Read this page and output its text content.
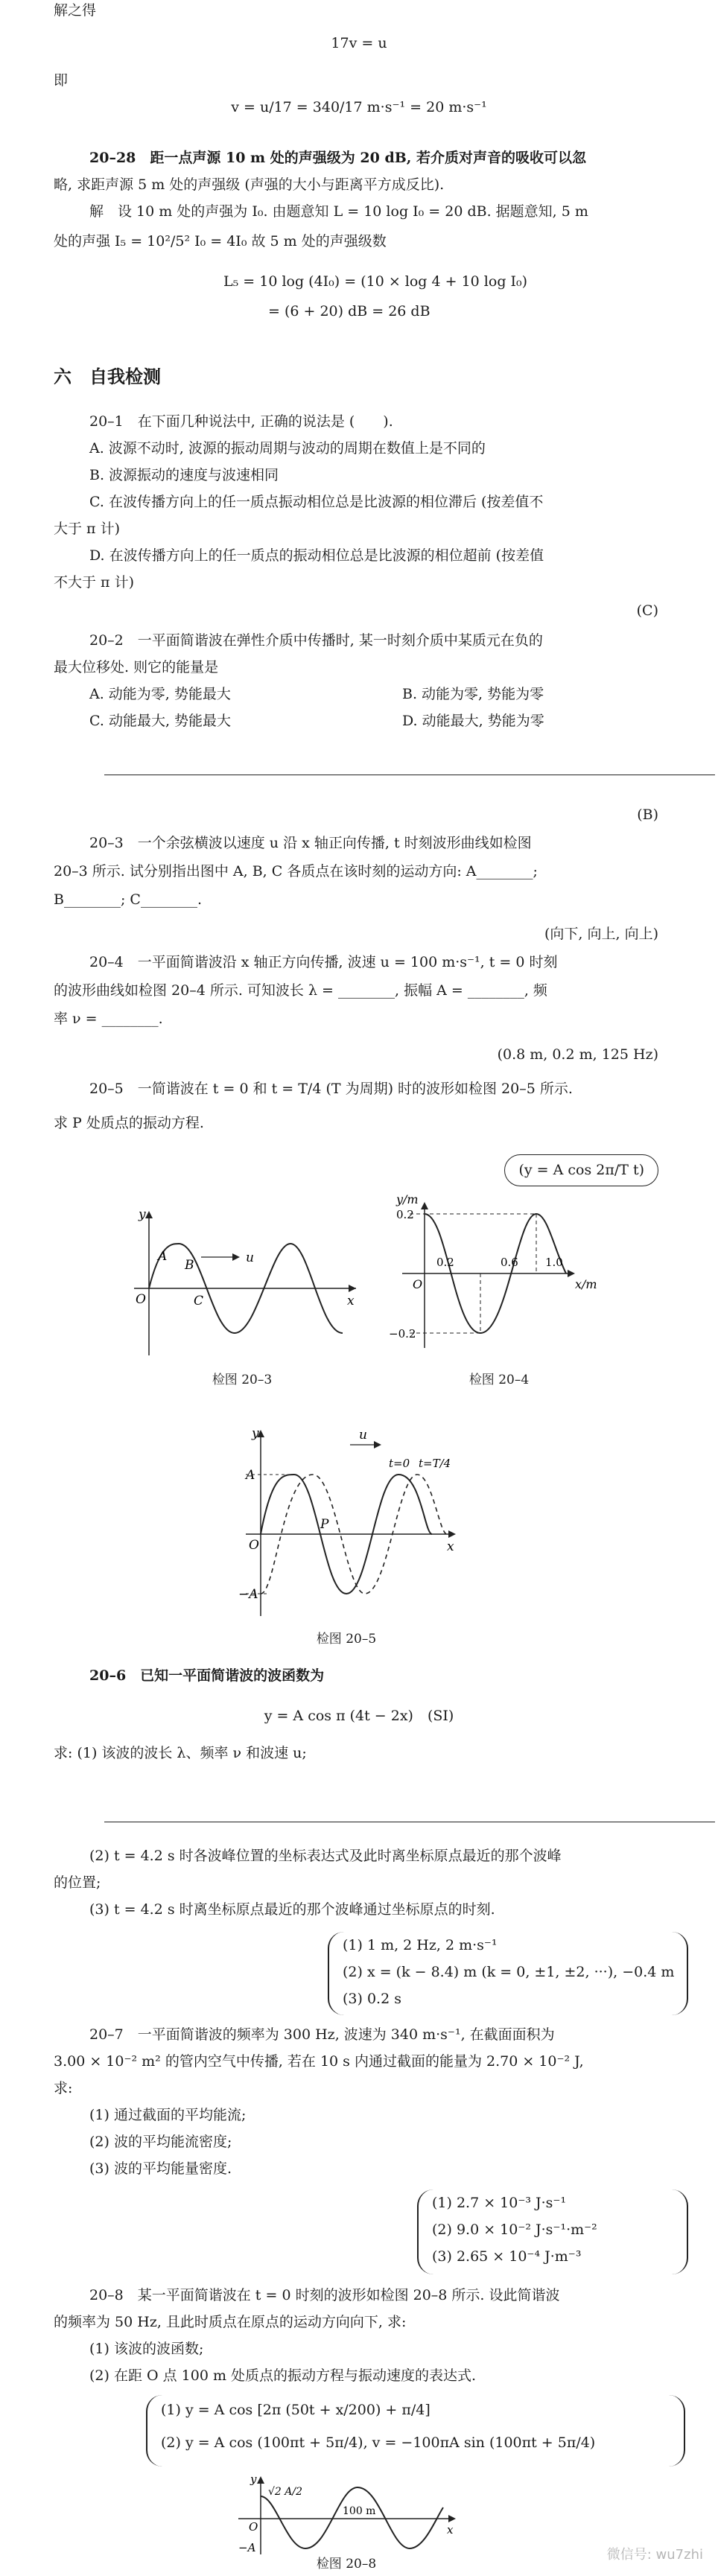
解之得
17v = u
即
v = u/17 = 340/17 m·s⁻¹ = 20 m·s⁻¹
20–28　距一点声源 10 m 处的声强级为 20 dB, 若介质对声音的吸收可以忽
略, 求距声源 5 m 处的声强级 (声强的大小与距离平方成反比).
解　设 10 m 处的声强为 I₀. 由题意知 L = 10 log I₀ = 20 dB. 据题意知, 5 m
处的声强 I₅ = 10²/5² I₀ = 4I₀ 故 5 m 处的声强级数
L₅ = 10 log (4I₀) = (10 × log 4 + 10 log I₀)
= (6 + 20) dB = 26 dB
六　自我检测
20–1　在下面几种说法中, 正确的说法是 (　　).
A. 波源不动时, 波源的振动周期与波动的周期在数值上是不同的
B. 波源振动的速度与波速相同
C. 在波传播方向上的任一质点振动相位总是比波源的相位滞后 (按差值不
大于 π 计)
D. 在波传播方向上的任一质点的振动相位总是比波源的相位超前 (按差值
不大于 π 计)
(C)
20–2　一平面简谐波在弹性介质中传播时, 某一时刻介质中某质元在负的
最大位移处. 则它的能量是
A. 动能为零, 势能最大	B. 动能为零, 势能为零
C. 动能最大, 势能最大	D. 动能最大, 势能为零
(B)
20–3　一个余弦横波以速度 u 沿 x 轴正向传播, t 时刻波形曲线如检图
20–3 所示. 试分别指出图中 A, B, C 各质点在该时刻的运动方向: A________;
B________; C________.
(向下, 向上, 向上)
20–4　一平面简谐波沿 x 轴正方向传播, 波速 u = 100 m·s⁻¹, t = 0 时刻
的波形曲线如检图 20–4 所示. 可知波长 λ = ________, 振幅 A = ________, 频
率 ν = ________.
(0.8 m, 0.2 m, 125 Hz)
20–5　一简谐波在 t = 0 和 t = T/4 (T 为周期) 时的波形如检图 20–5 所示.
求 P 处质点的振动方程.
(y = A cos 2π/T t)
y
u
A
B
C
O	x
检图 20–3
y/m
0.2
−0.2
O
0.2	0.6 1.0
x/m
检图 20–4
y	u
A
−A
O
P
t=0 t=T/4
x
检图 20–5
20–6　已知一平面简谐波的波函数为
y = A cos π (4t − 2x)　(SI)
求: (1) 该波的波长 λ、频率 ν 和波速 u;
(2) t = 4.2 s 时各波峰位置的坐标表达式及此时离坐标原点最近的那个波峰
的位置;
(3) t = 4.2 s 时离坐标原点最近的那个波峰通过坐标原点的时刻.
(1) 1 m, 2 Hz, 2 m·s⁻¹
(2) x = (k − 8.4) m (k = 0, ±1, ±2, ···), −0.4 m
(3) 0.2 s
20–7　一平面简谐波的频率为 300 Hz, 波速为 340 m·s⁻¹, 在截面面积为
3.00 × 10⁻² m² 的管内空气中传播, 若在 10 s 内通过截面的能量为 2.70 × 10⁻² J,
求:
(1) 通过截面的平均能流;
(2) 波的平均能流密度;
(3) 波的平均能量密度.
(1) 2.7 × 10⁻³ J·s⁻¹
(2) 9.0 × 10⁻² J·s⁻¹·m⁻²
(3) 2.65 × 10⁻⁴ J·m⁻³
20–8　某一平面简谐波在 t = 0 时刻的波形如检图 20–8 所示. 设此简谐波
的频率为 50 Hz, 且此时质点在原点的运动方向向下, 求:
(1) 该波的波函数;
(2) 在距 O 点 100 m 处质点的振动方程与振动速度的表达式.
(1) y = A cos [2π (50t + x/200) + π/4]
(2) y = A cos (100πt + 5π/4), v = −100πA sin (100πt + 5π/4)
y
√2 A/2
−A
O	x
100 m
检图 20–8
微信号: wu7zhi
